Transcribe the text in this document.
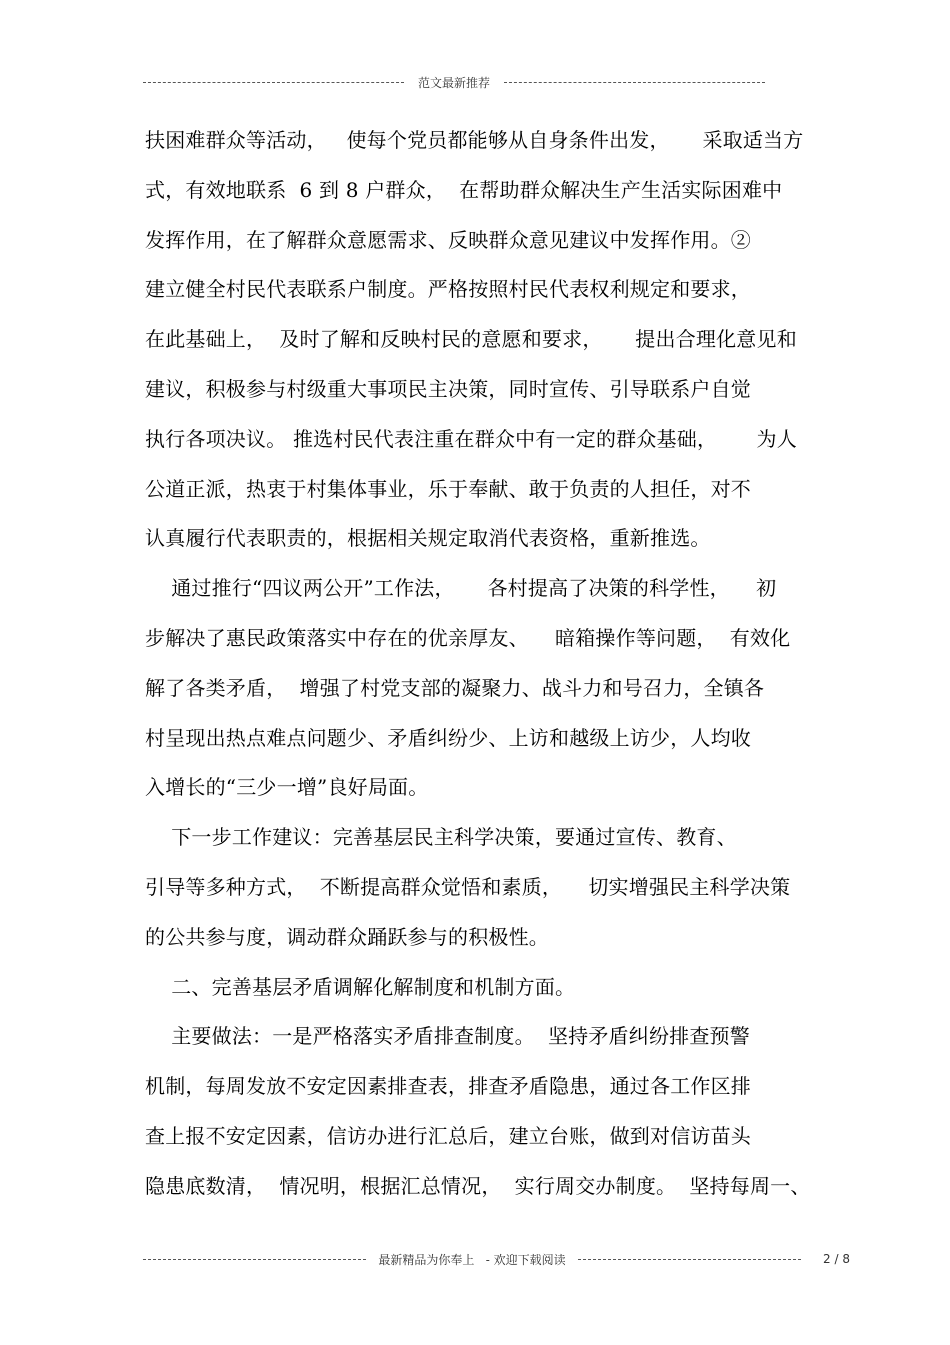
范文最新推荐
扶困难群众等活动，   使每个党员都能够从自身条件出发，     采取适当方
式，有效地联系  6 到 8 户群众，  在帮助群众解决生产生活实际困难中
发挥作用，在了解群众意愿需求、反映群众意见建议中发挥作用。②
建立健全村民代表联系户制度。严格按照村民代表权利规定和要求，
在此基础上，  及时了解和反映村民的意愿和要求，     提出合理化意见和
建议，积极参与村级重大事项民主决策，同时宣传、引导联系户自觉
执行各项决议。 推选村民代表注重在群众中有一定的群众基础，      为人
公道正派，热衷于村集体事业，乐于奉献、敢于负责的人担任，对不
认真履行代表职责的，根据相关规定取消代表资格，重新推选。
通过推行“四议两公开”工作法，     各村提高了决策的科学性，    初
步解决了惠民政策落实中存在的优亲厚友、    暗箱操作等问题，  有效化
解了各类矛盾，  增强了村党支部的凝聚力、战斗力和号召力，全镇各
村呈现出热点难点问题少、矛盾纠纷少、上访和越级上访少，人均收
入增长的“三少一增”良好局面。
下一步工作建议：完善基层民主科学决策，要通过宣传、教育、
引导等多种方式，  不断提高群众觉悟和素质，    切实增强民主科学决策
的公共参与度，调动群众踊跃参与的积极性。
二、完善基层矛盾调解化解制度和机制方面。
主要做法：一是严格落实矛盾排查制度。  坚持矛盾纠纷排查预警
机制，每周发放不安定因素排查表，排查矛盾隐患，通过各工作区排
查上报不安定因素，信访办进行汇总后，建立台账，做到对信访苗头
隐患底数清，  情况明，根据汇总情况，  实行周交办制度。  坚持每周一、
最新精品为你奉上   - 欢迎下载阅读	2 / 8
